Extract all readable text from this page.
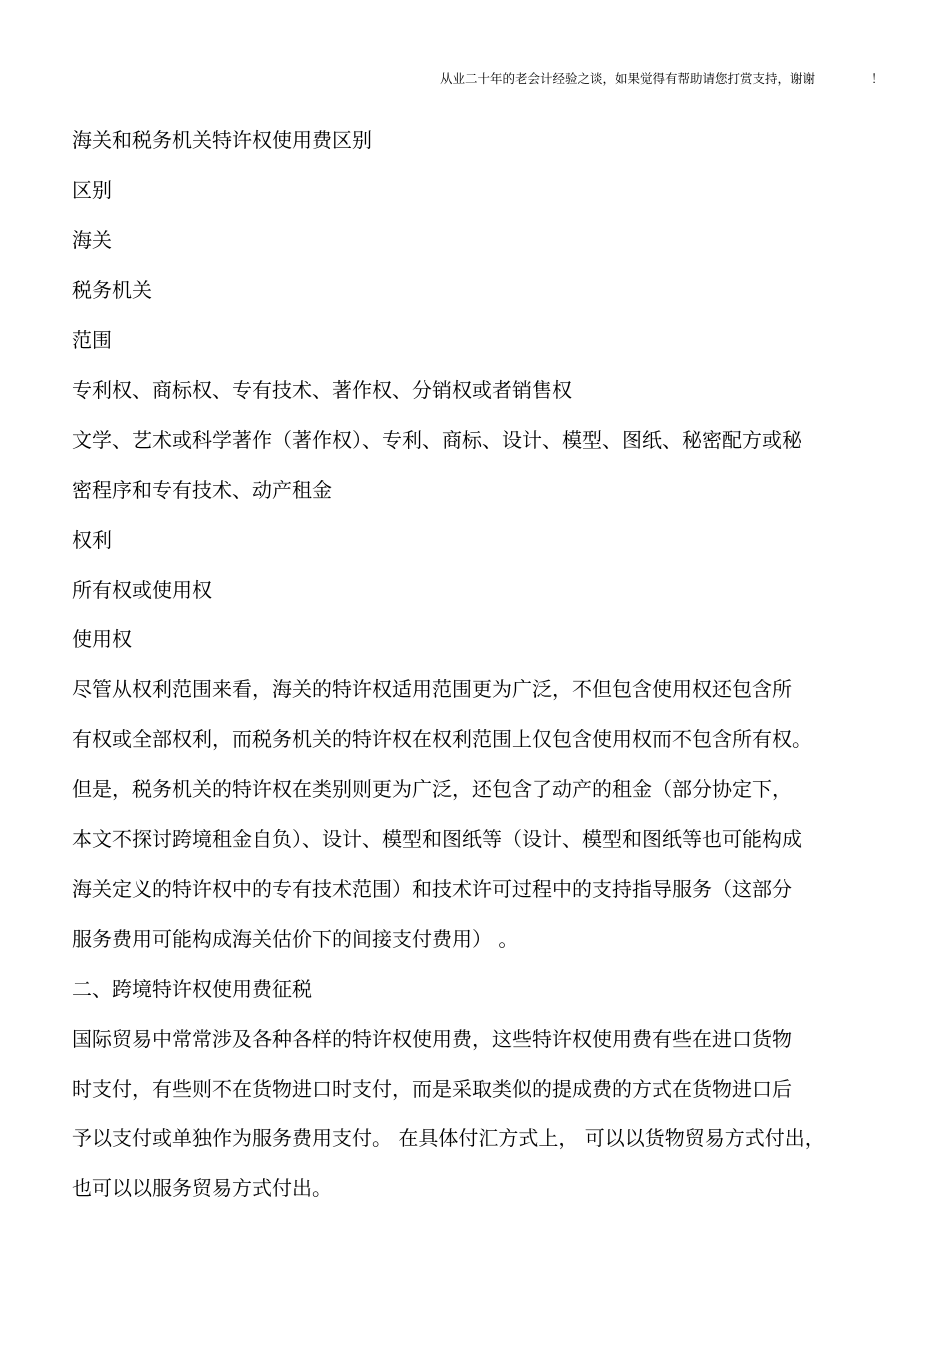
从业二十年的老会计经验之谈，如果觉得有帮助请您打赏支持，谢谢	！
海关和税务机关特许权使用费区别
区别
海关
税务机关
范围
专利权、商标权、专有技术、著作权、分销权或者销售权
文学、艺术或科学著作（著作权）、专利、商标、设计、模型、图纸、秘密配方或秘
密程序和专有技术、动产租金
权利
所有权或使用权
使用权
尽管从权利范围来看，海关的特许权适用范围更为广泛，不但包含使用权还包含所
有权或全部权利，而税务机关的特许权在权利范围上仅包含使用权而不包含所有权。
但是，税务机关的特许权在类别则更为广泛，还包含了动产的租金（部分协定下，
本文不探讨跨境租金自负）、设计、模型和图纸等（设计、模型和图纸等也可能构成
海关定义的特许权中的专有技术范围）和技术许可过程中的支持指导服务（这部分
服务费用可能构成海关估价下的间接支付费用） 。
二、跨境特许权使用费征税
国际贸易中常常涉及各种各样的特许权使用费，这些特许权使用费有些在进口货物
时支付，有些则不在货物进口时支付，而是采取类似的提成费的方式在货物进口后
予以支付或单独作为服务费用支付。 在具体付汇方式上， 可以以货物贸易方式付出，
也可以以服务贸易方式付出。
